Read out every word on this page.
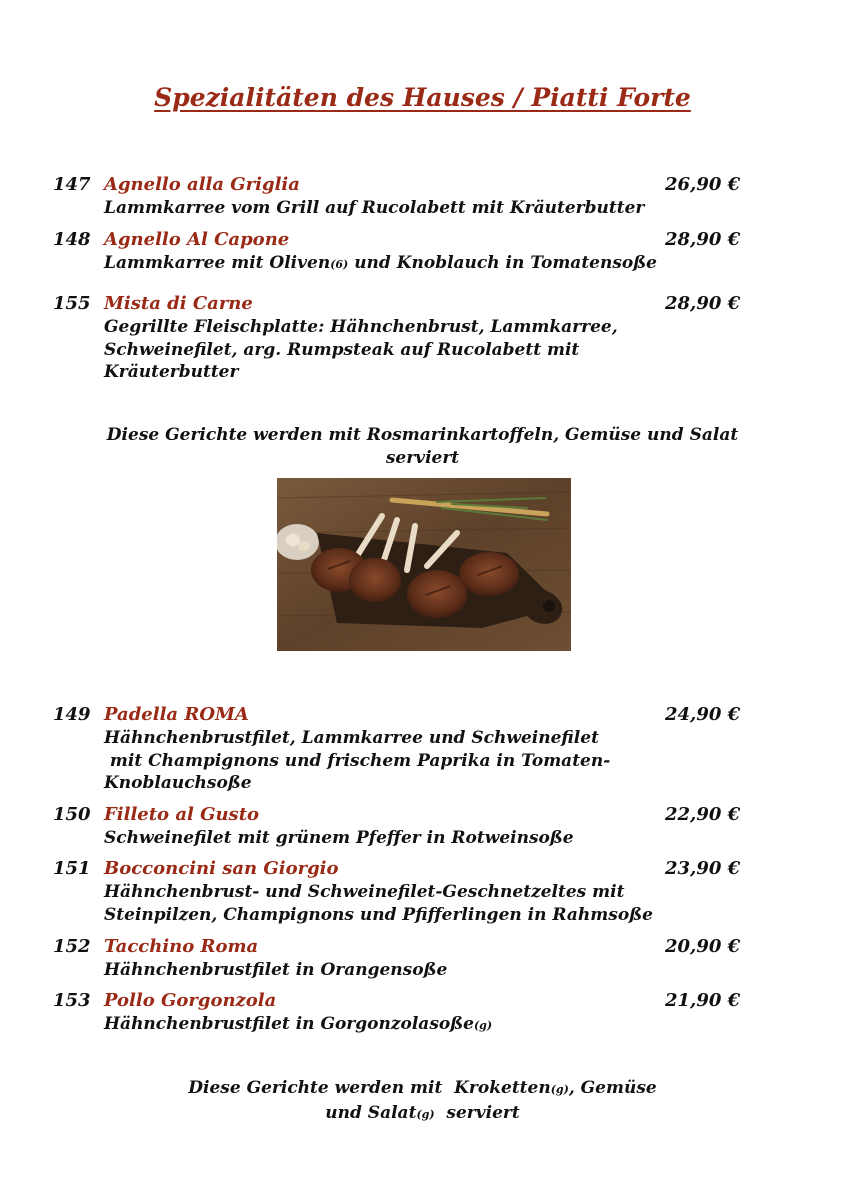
Spezialitäten des Hauses / Piatti Forte
147 Agnello alla Griglia	26,90 €
Lammkarree vom Grill auf Rucolabett mit Kräuterbutter
148 Agnello Al Capone	28,90 €
Lammkarree mit Oliven(6) und Knoblauch in Tomatensoße
155 Mista di Carne	28,90 €
Gegrillte Fleischplatte: Hähnchenbrust, Lammkarree,
Schweinefilet, arg. Rumpsteak auf Rucolabett mit
Kräuterbutter
Diese Gerichte werden mit Rosmarinkartoffeln, Gemüse und Salat
serviert
149 Padella ROMA	24,90 €
Hähnchenbrustfilet, Lammkarree und Schweinefilet
mit Champignons und frischem Paprika in Tomaten-
Knoblauchsoße
150 Filleto al Gusto	22,90 €
Schweinefilet mit grünem Pfeffer in Rotweinsoße
151 Bocconcini san Giorgio	23,90 €
Hähnchenbrust- und Schweinefilet-Geschnetzeltes mit
Steinpilzen, Champignons und Pfifferlingen in Rahmsoße
152 Tacchino Roma	20,90 €
Hähnchenbrustfilet in Orangensoße
153 Pollo Gorgonzola	21,90 €
Hähnchenbrustfilet in Gorgonzolasoße(g)
Diese Gerichte werden mit  Kroketten(g), Gemüse
und Salat(g)  serviert
